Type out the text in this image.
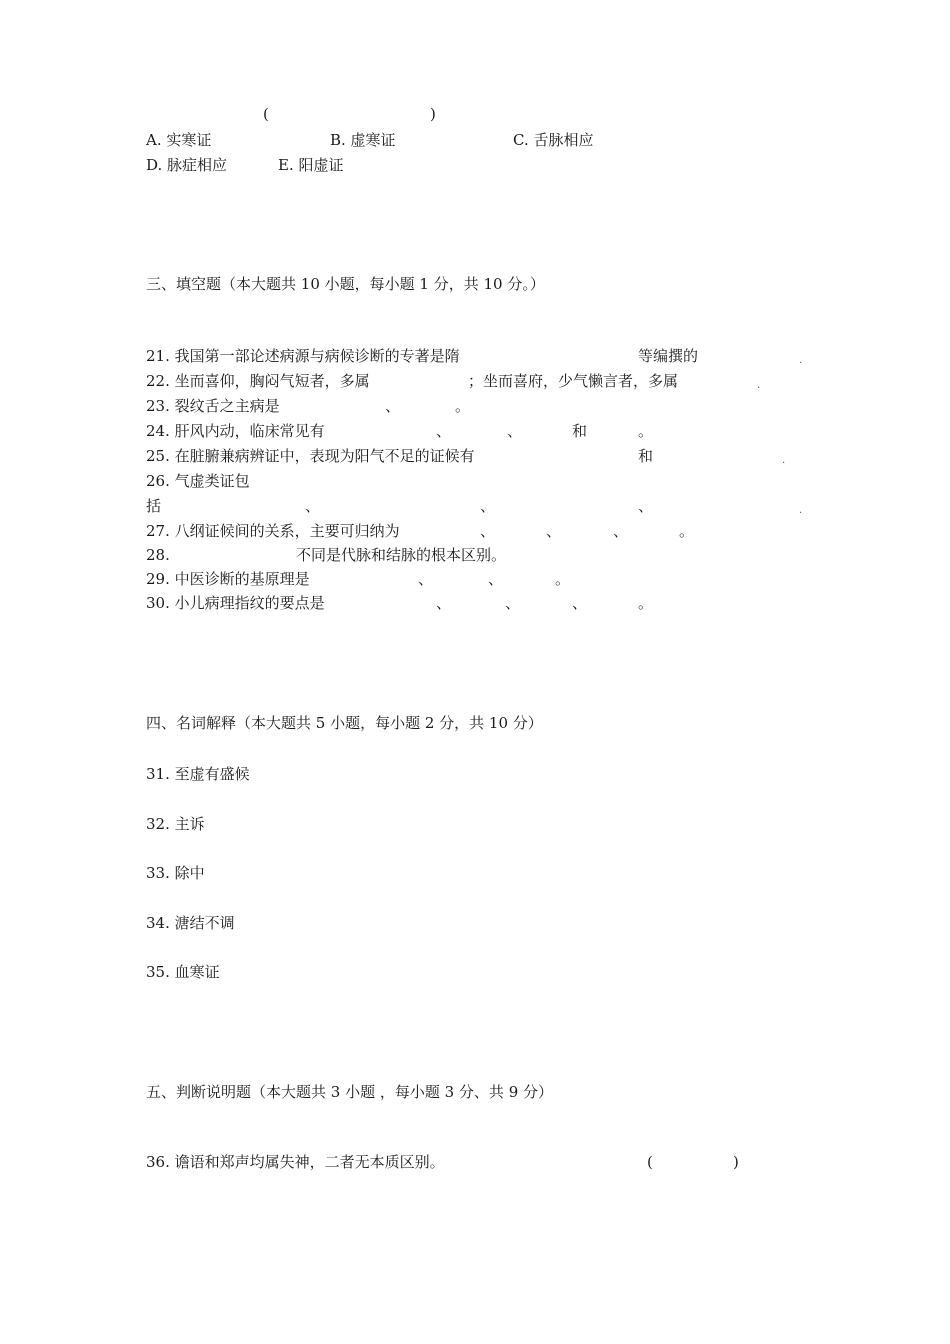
(	)
A. 实寒证	B. 虚寒证	C. 舌脉相应
D. 脉症相应	E. 阳虚证
三、填空题（本大题共 10 小题，每小题 1 分，共 10 分。）
21. 我国第一部论述病源与病候诊断的专著是隋	等编撰的	.
22. 坐而喜仰，胸闷气短者，多属	；坐而喜府，少气懒言者，多属	.
23. 裂纹舌之主病是	、	。
24. 肝风内动，临床常见有	、	、	和	。
25. 在脏腑兼病辨证中，表现为阳气不足的证候有	和	.
26. 气虚类证包
括	、	、	、	.
27. 八纲证候间的关系，主要可归纳为	、	、	、	。
28.	不同是代脉和结脉的根本区别。
29. 中医诊断的基原理是	、	、	。
30. 小儿病理指纹的要点是	、	、	、	。
四、名词解释（本大题共 5 小题，每小题 2 分，共 10 分）
31. 至虚有盛候
32. 主诉
33. 除中
34. 溏结不调
35. 血寒证
五、判断说明题（本大题共 3 小题 ，每小题 3 分、共 9 分）
36. 谵语和郑声均属失神，二者无本质区别。	(	)
